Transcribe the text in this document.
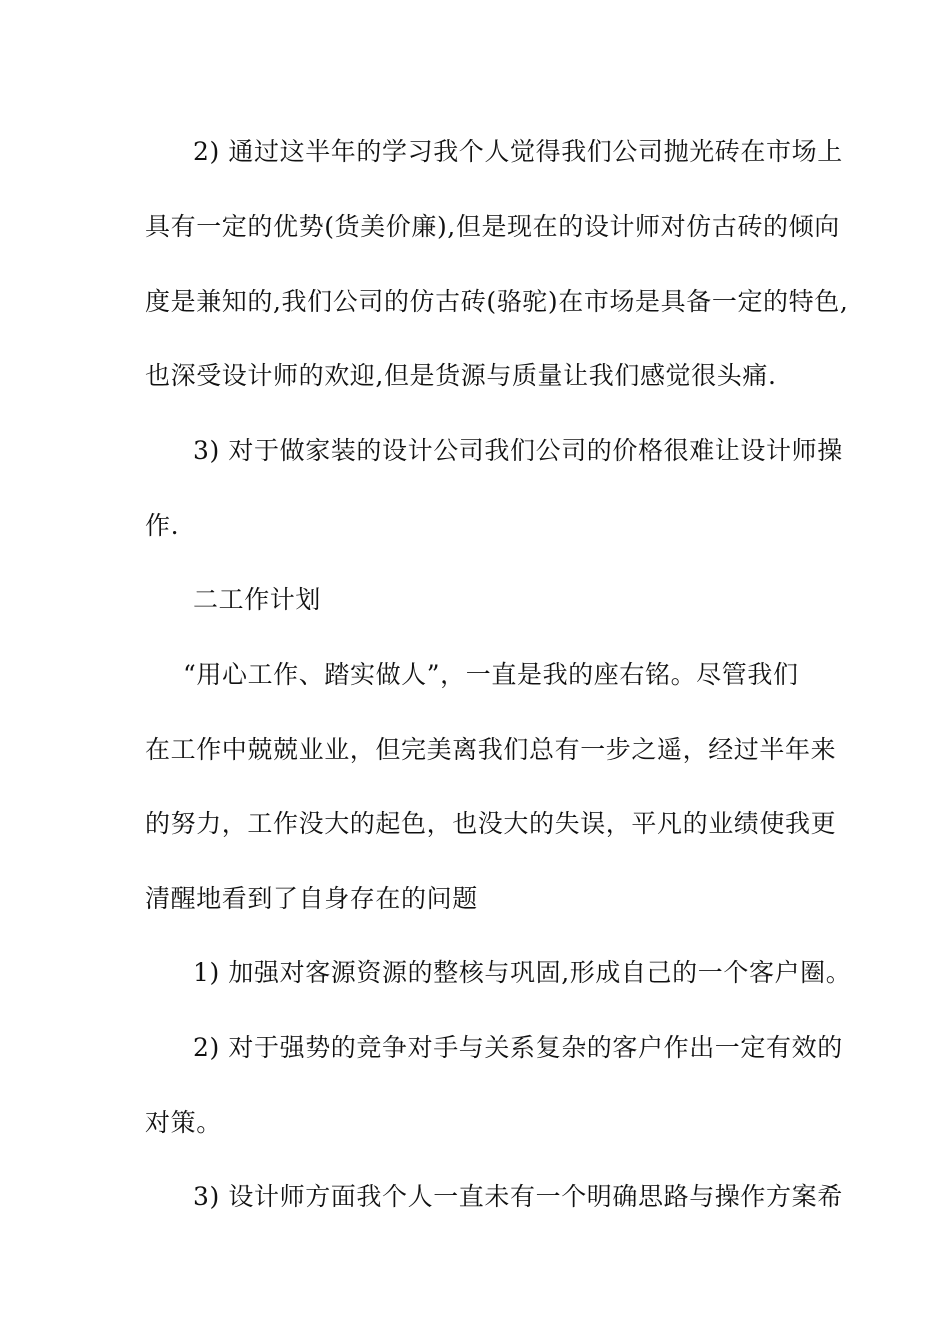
2) 通过这半年的学习我个人觉得我们公司抛光砖在市场上
具有一定的优势(货美价廉),但是现在的设计师对仿古砖的倾向
度是兼知的,我们公司的仿古砖(骆驼)在市场是具备一定的特色,
也深受设计师的欢迎,但是货源与质量让我们感觉很头痛.
3) 对于做家装的设计公司我们公司的价格很难让设计师操
作.
二工作计划
“用心工作、踏实做人”，一直是我的座右铭。尽管我们
在工作中兢兢业业，但完美离我们总有一步之遥，经过半年来
的努力，工作没大的起色，也没大的失误，平凡的业绩使我更
清醒地看到了自身存在的问题
1) 加强对客源资源的整核与巩固,形成自己的一个客户圈。
2) 对于强势的竞争对手与关系复杂的客户作出一定有效的
对策。
3) 设计师方面我个人一直未有一个明确思路与操作方案希
